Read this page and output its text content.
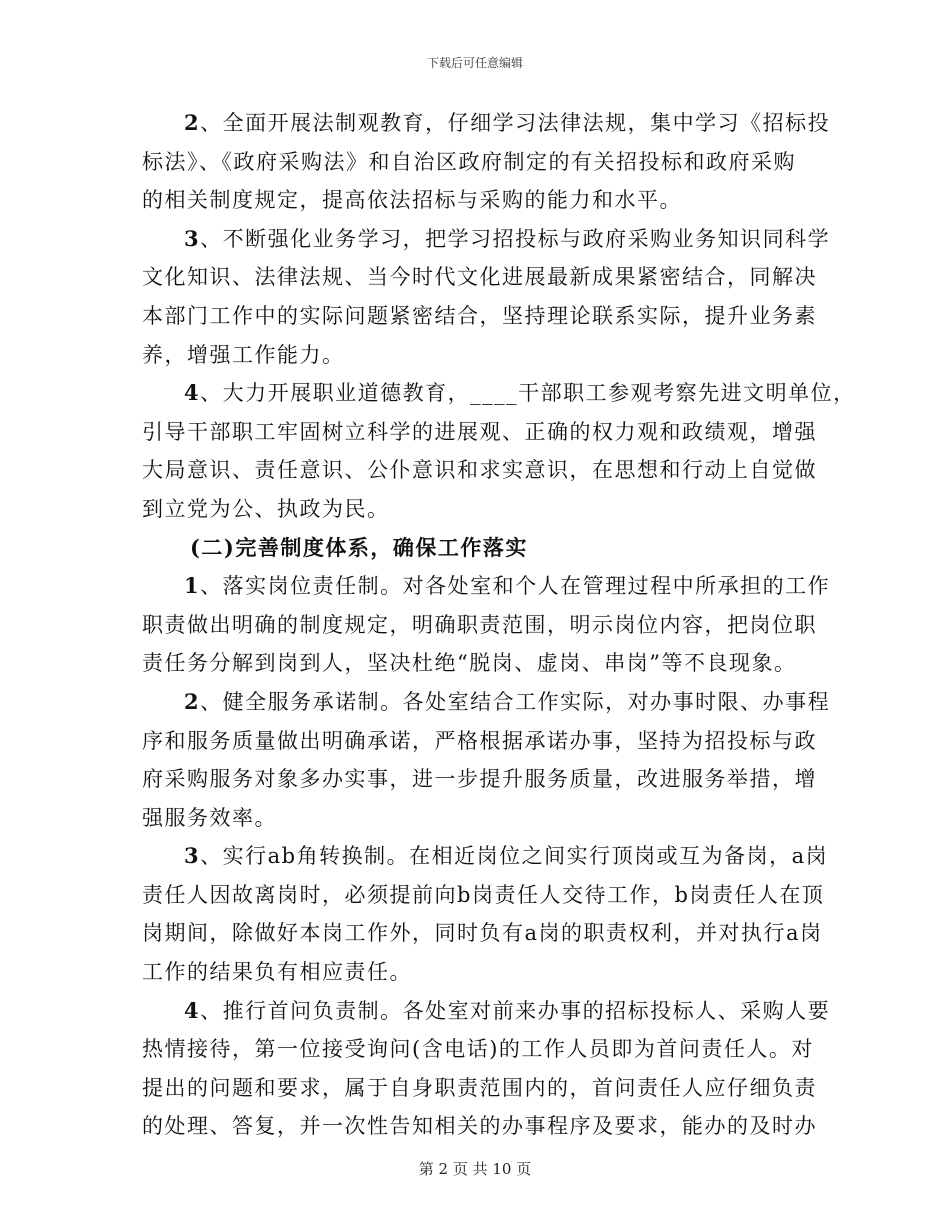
下载后可任意编辑
2、全面开展法制观教育，仔细学习法律法规，集中学习《招标投
标法》、《政府采购法》和自治区政府制定的有关招投标和政府采购
的相关制度规定，提高依法招标与采购的能力和水平。
3、不断强化业务学习，把学习招投标与政府采购业务知识同科学
文化知识、法律法规、当今时代文化进展最新成果紧密结合，同解决
本部门工作中的实际问题紧密结合，坚持理论联系实际，提升业务素
养，增强工作能力。
4、大力开展职业道德教育，____干部职工参观考察先进文明单位，
引导干部职工牢固树立科学的进展观、正确的权力观和政绩观，增强
大局意识、责任意识、公仆意识和求实意识，在思想和行动上自觉做
到立党为公、执政为民。
(二)完善制度体系，确保工作落实
1、落实岗位责任制。对各处室和个人在管理过程中所承担的工作
职责做出明确的制度规定，明确职责范围，明示岗位内容，把岗位职
责任务分解到岗到人，坚决杜绝“脱岗、虚岗、串岗”等不良现象。
2、健全服务承诺制。各处室结合工作实际，对办事时限、办事程
序和服务质量做出明确承诺，严格根据承诺办事，坚持为招投标与政
府采购服务对象多办实事，进一步提升服务质量，改进服务举措，增
强服务效率。
3、实行ab角转换制。在相近岗位之间实行顶岗或互为备岗，a岗
责任人因故离岗时，必须提前向b岗责任人交待工作，b岗责任人在顶
岗期间，除做好本岗工作外，同时负有a岗的职责权利，并对执行a岗
工作的结果负有相应责任。
4、推行首问负责制。各处室对前来办事的招标投标人、采购人要
热情接待，第一位接受询问(含电话)的工作人员即为首问责任人。对
提出的问题和要求，属于自身职责范围内的，首问责任人应仔细负责
的处理、答复，并一次性告知相关的办事程序及要求，能办的及时办
第 2 页 共 10 页
